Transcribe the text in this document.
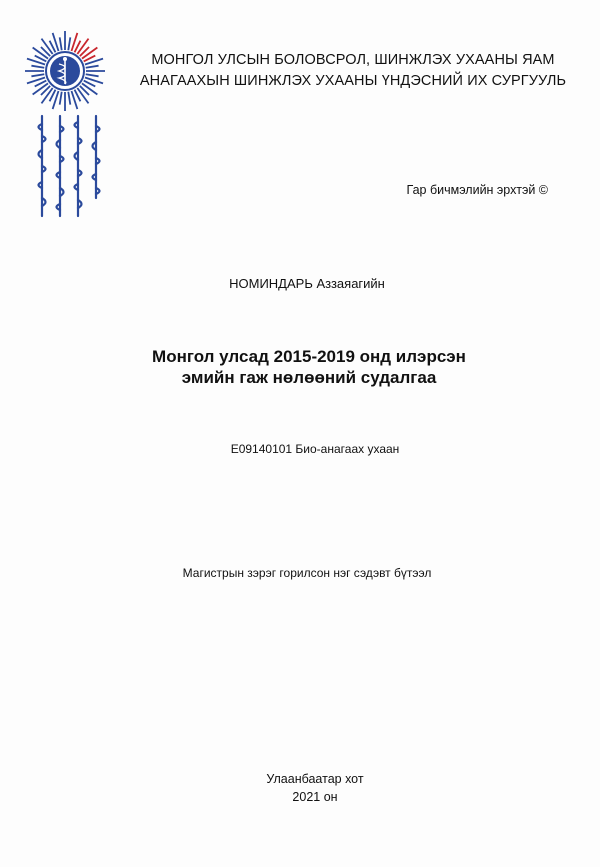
МОНГОЛ УЛСЫН БОЛОВСРОЛ, ШИНЖЛЭХ УХААНЫ ЯАМ
АНАГААХЫН ШИНЖЛЭХ УХААНЫ ҮНДЭСНИЙ ИХ СУРГУУЛЬ
Гар бичмэлийн эрхтэй ©
НОМИНДАРЬ Аззаяагийн
Монгол улсад 2015-2019 онд илэрсэн
эмийн гаж нөлөөний судалгаа
E09140101 Био-анагаах ухаан
Магистрын зэрэг горилсон нэг сэдэвт бүтээл
Улаанбаатар хот
2021 он
